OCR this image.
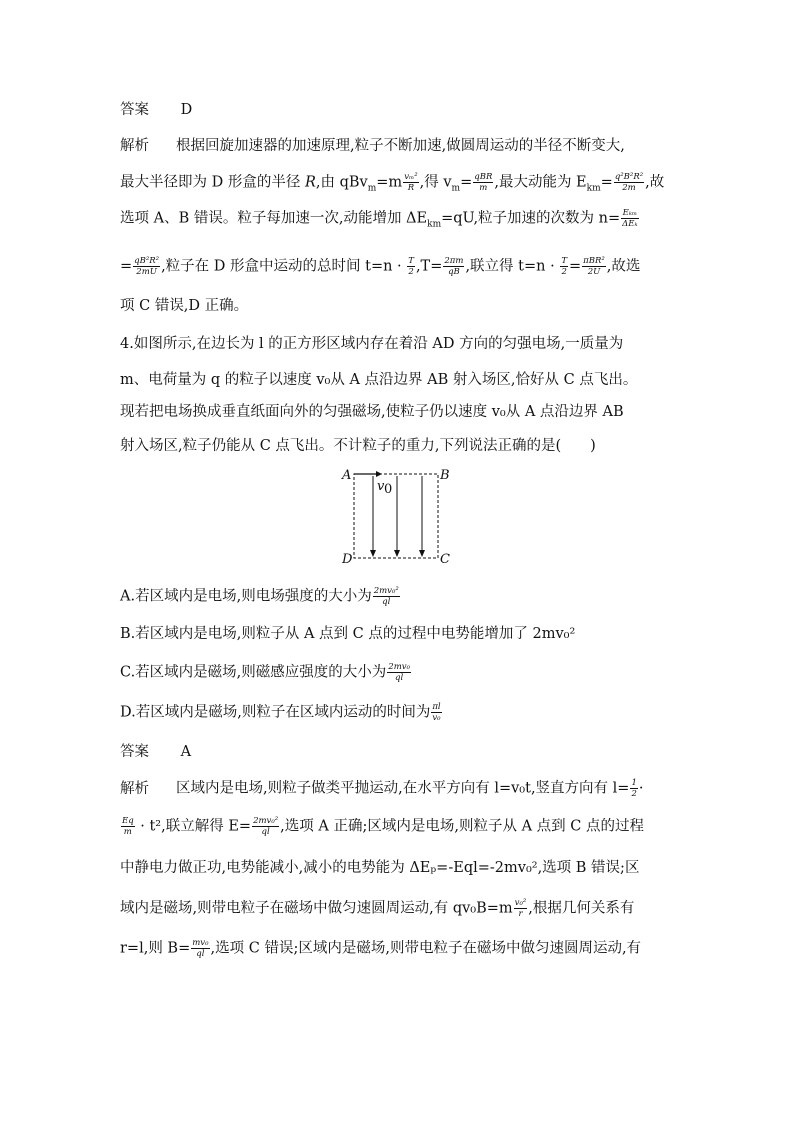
答案 D
解析 根据回旋加速器的加速原理,粒子不断加速,做圆周运动的半径不断变大,
最大半径即为 D 形盒的半径 R,由 $qBv_m=m \frac{\text{vₘ²}}{R}$ ,得 $v_m= \frac{\text{qBR}}{m}$ ,最大动能为 $E_{km}= \frac{\text{q²B²R²}}{2m}$ ,故
选项 A、B 错误。粒子每加速一次,动能增加 $\Delta E_{km}=qU$,粒子加速的次数为 $n= \frac{\text{Eₖₘ}}{\text{ΔEₖ}}$
= $\frac{\text{qB²R²}}{2mU}$ ,粒子在 D 形盒中运动的总时间 $t=n \cdot \frac{T}{2} ,T= \frac{2\pi m}{qB}$ ,联立得 $t=n \cdot \frac{T}{2} = \frac{\text{πBR²}}{2U}$ ,故选
项 C 错误,D 正确。
4.如图所示,在边长为 l 的正方形区域内存在着沿 AD 方向的匀强电场,一质量为
m、电荷量为 q 的粒子以速度 v₀从 A 点沿边界 AB 射入场区,恰好从 C 点飞出。
现若把电场换成垂直纸面向外的匀强磁场,使粒子仍以速度 v₀从 A 点沿边界 AB
射入场区,粒子仍能从 C 点飞出。不计粒子的重力,下列说法正确的是(　　)
A	B
D	C
v 0
A.若区域内是电场,则电场强度的大小为 $\frac{\text{2mv₀²}}{ql}$
B.若区域内是电场,则粒子从 A 点到 C 点的过程中电势能增加了 2mv₀²
C.若区域内是磁场,则磁感应强度的大小为 $\frac{\text{2mv₀}}{ql}$
D.若区域内是磁场,则粒子在区域内运动的时间为 $\frac{\pi l}{\text{v₀}}$
答案 A
解析 区域内是电场,则粒子做类平抛运动,在水平方向有 l=v₀t,竖直方向有 $l= \frac{1}{2}$ ·
$\frac{Eq}{m} \cdot t^2$,联立解得 $E= \frac{\text{2mv₀²}}{ql}$ ,选项 A 正确;区域内是电场,则粒子从 A 点到 C 点的过程
中静电力做正功,电势能减小,减小的电势能为 ΔEₚ=-Eql=-2mv₀²,选项 B 错误;区
域内是磁场,则带电粒子在磁场中做匀速圆周运动,有 $qv_0B=m \frac{\text{v₀²}}{r}$ ,根据几何关系有
r=l,则 $B= \frac{\text{mv₀}}{ql}$ ,选项 C 错误;区域内是磁场,则带电粒子在磁场中做匀速圆周运动,有
